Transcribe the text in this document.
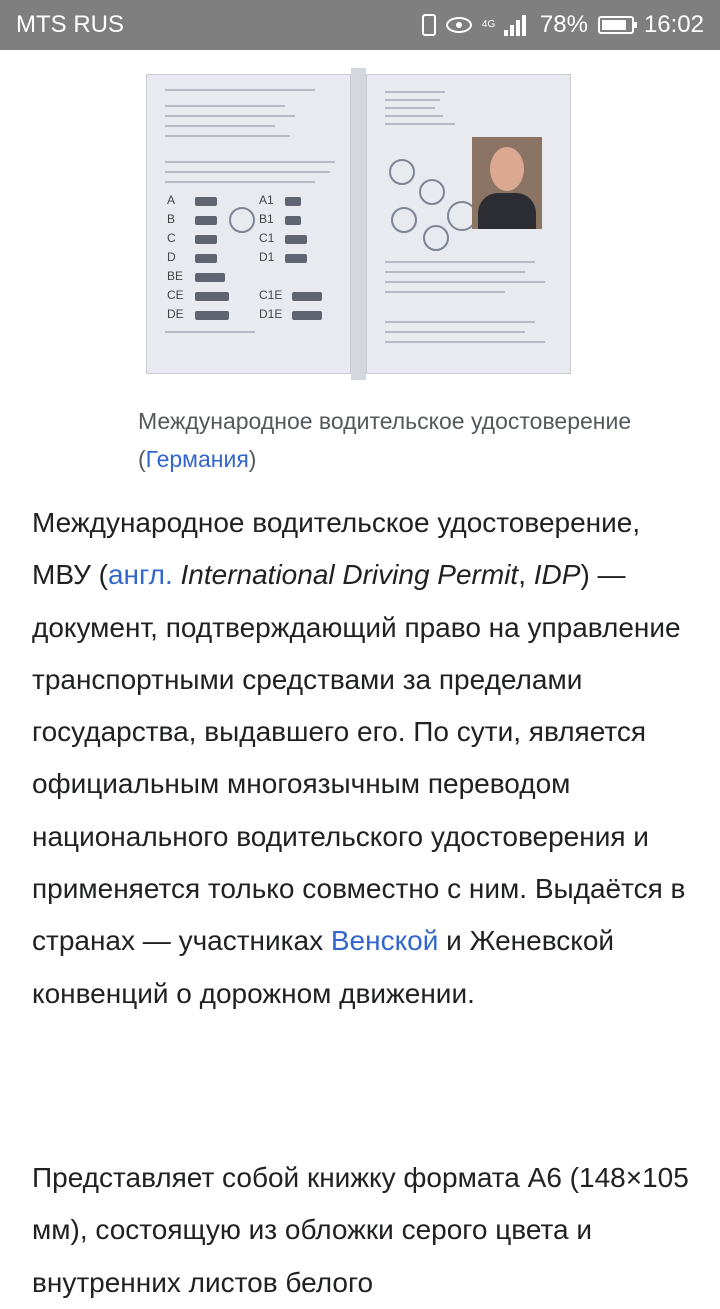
MTS RUS	4G 78% 16:02
A
B
C
D
BE
CE
DE
A1
B1
C1
D1
C1E
D1E
Международное водительское удостоверение (Германия)

Международное водительское удостоверение, МВУ (англ. International Driving Permit, IDP) — документ, подтверждающий право на управление транспортными средствами за пределами государства, выдавшего его. По сути, является официальным многоязычным переводом национального водительского удостоверения и применяется только совместно с ним. Выдаётся в странах — участниках Венской и Женевской конвенций о дорожном движении.

Представляет собой книжку формата А6 (148×105 мм), состоящую из обложки серого цвета и внутренних листов белого
